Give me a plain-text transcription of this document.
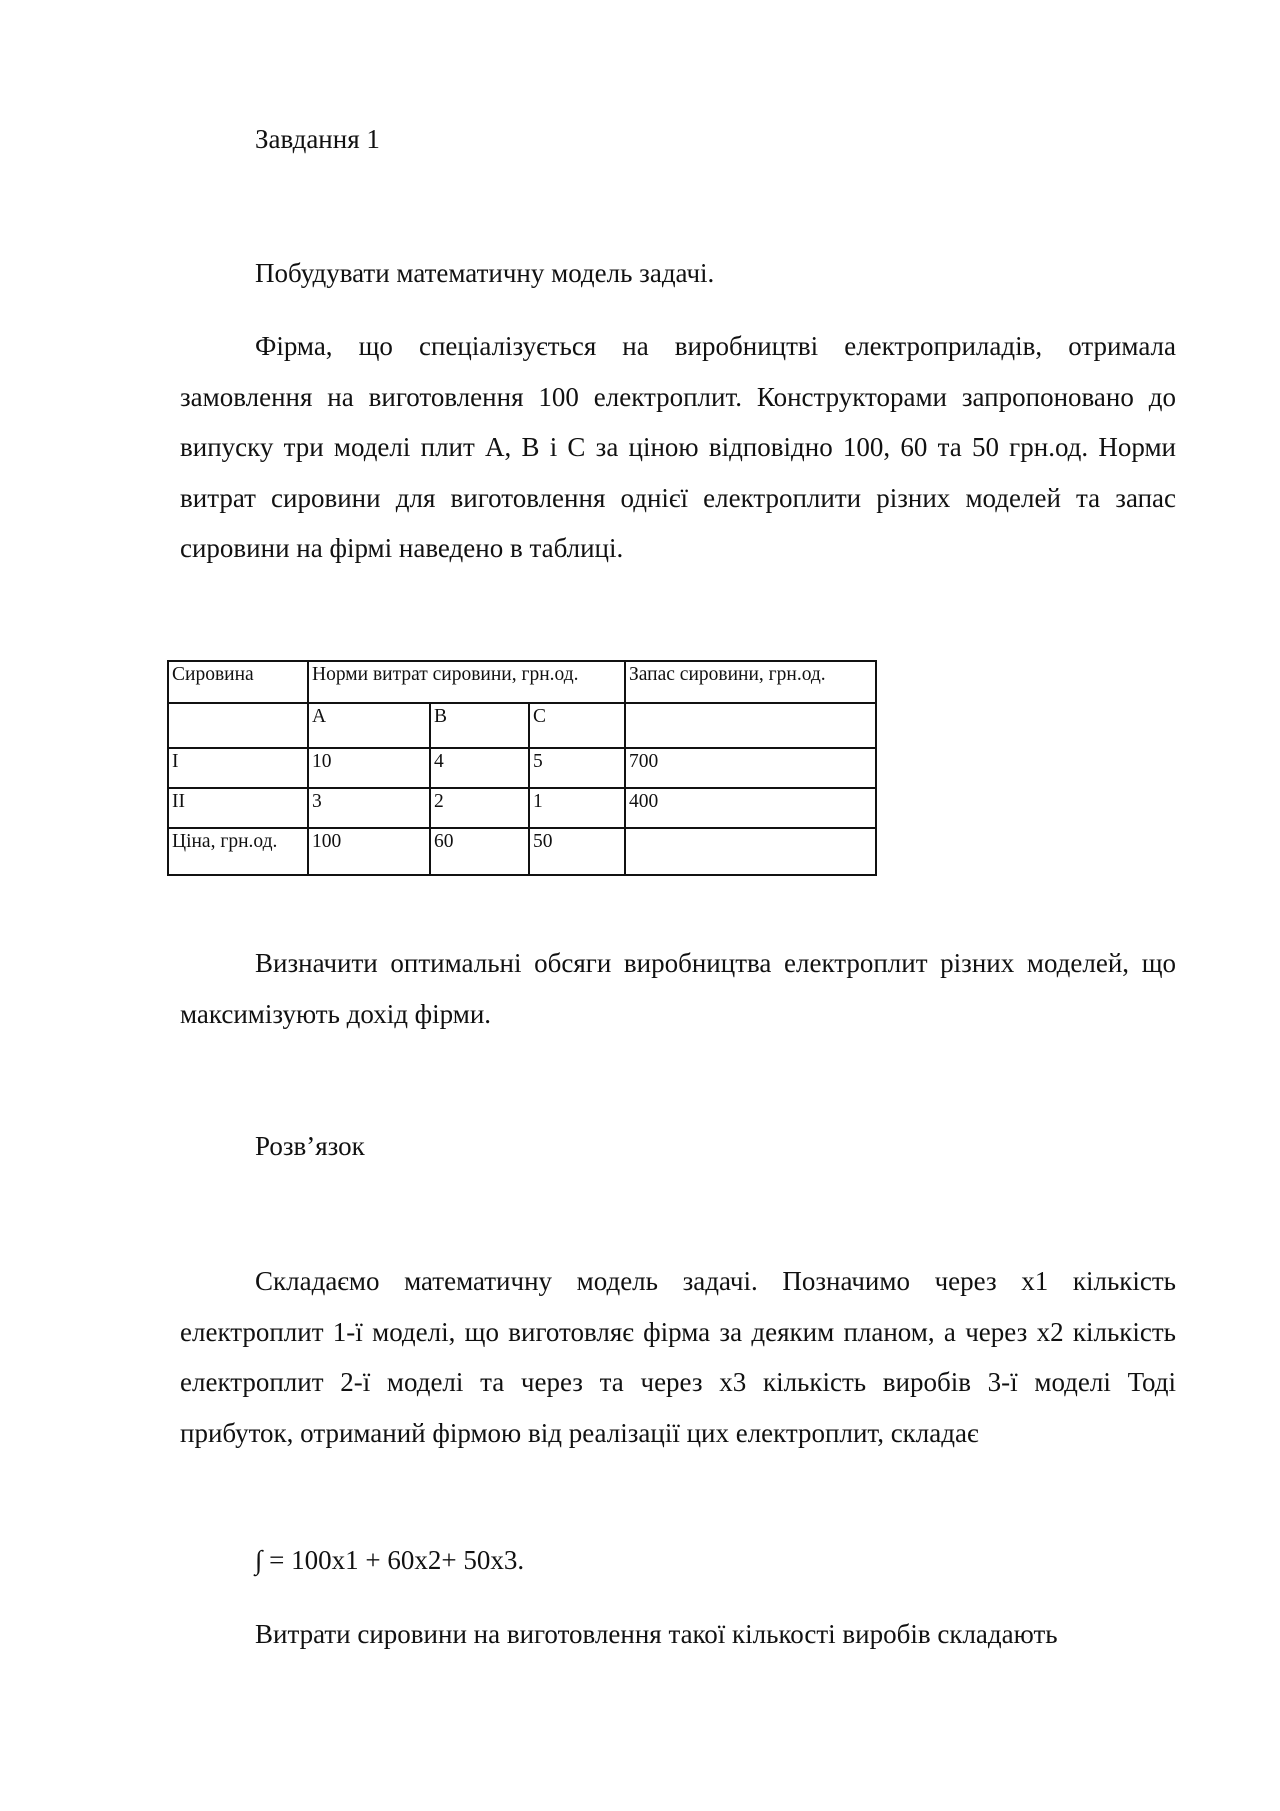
Завдання 1
Побудувати математичну модель задачі.
Фірма, що спеціалізується на виробництві електроприладів, отримала замовлення на виготовлення 100 електроплит. Конструкторами запропоновано до випуску три моделі плит А, В і С за ціною відповідно 100, 60 та 50 грн.од. Норми витрат сировини для виготовлення однієї електроплити різних моделей та запас сировини на фірмі наведено в таблиці.
Сировина	Норми витрат сировини, грн.од.			Запас сировини, грн.од.
	А	В	С	
І	10	4	5	700
ІІ	3	2	1	400
Ціна, грн.од.	100	60	50	
Визначити оптимальні обсяги виробництва електроплит різних моделей, що максимізують дохід фірми.
Розв’язок
Складаємо математичну модель задачі. Позначимо через х1 кількість електроплит 1-ї моделі, що виготовляє фірма за деяким планом, а через х2 кількість електроплит 2-ї моделі та через та через х3 кількість виробів 3-ї моделі Тоді прибуток, отриманий фірмою від реалізації цих електроплит, складає
∫ = 100х1 + 60х2+ 50х3.
Витрати сировини на виготовлення такої кількості виробів складають
